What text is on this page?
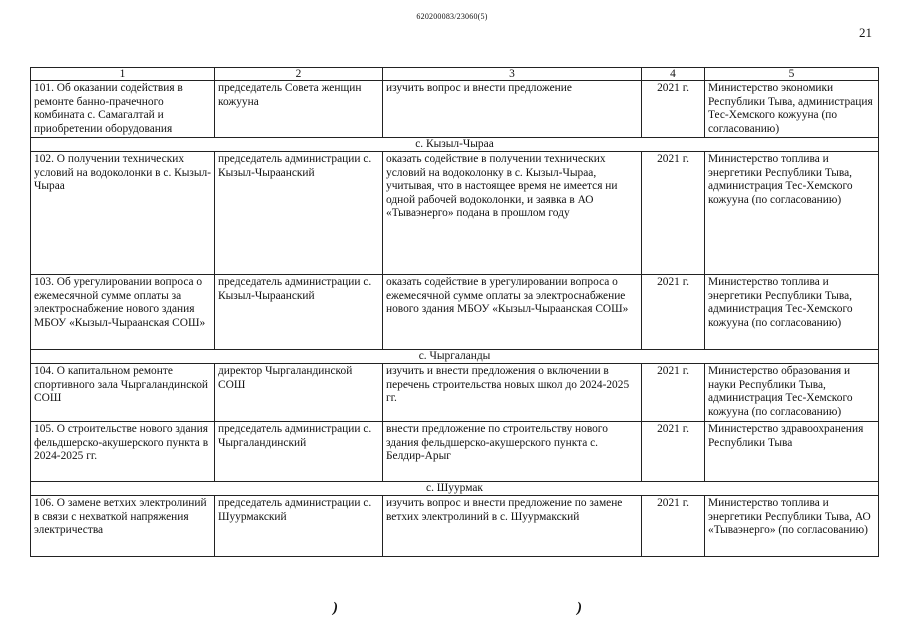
620200083/23060(5)
21
1	2	3	4	5
101. Об оказании содействия в ремонте банно-прачечного комбината с. Самагалтай и приобретении оборудования	председатель Совета женщин кожууна	изучить вопрос и внести предложение	2021 г.	Министерство экономики Республики Тыва, администрация Тес-Хемского кожууна (по согласованию)
с. Кызыл-Чыраа				
102. О получении технических условий на водоколонки в с. Кызыл-Чыраа	председатель администрации с. Кызыл-Чыраанский	оказать содействие в получении технических условий на водоколонку в с. Кызыл-Чыраа, учитывая, что в настоящее время не имеется ни одной рабочей водоколонки, и заявка в АО «Тываэнерго» подана в прошлом году	2021 г.	Министерство топлива и энергетики Республики Тыва, администрация Тес-Хемского кожууна (по согласованию)
103. Об урегулировании вопроса о ежемесячной сумме оплаты за электроснабжение нового здания МБОУ «Кызыл-Чыраанская СОШ»	председатель администрации с. Кызыл-Чыраанский	оказать содействие в урегулировании вопроса о ежемесячной сумме оплаты за электроснабжение нового здания МБОУ «Кызыл-Чыраанская СОШ»	2021 г.	Министерство топлива и энергетики Республики Тыва, администрация Тес-Хемского кожууна (по согласованию)
с. Чыргаланды				
104. О капитальном ремонте спортивного зала Чыргаландинской СОШ	директор Чыргаландинской СОШ	изучить и внести предложения о включении в перечень строительства новых школ до 2024-2025 гг.	2021 г.	Министерство образования и науки Республики Тыва, администрация Тес-Хемского кожууна (по согласованию)
105. О строительстве нового здания фельдшерско-акушерского пункта в 2024-2025 гг.	председатель администрации с. Чыргаландинский	внести предложение по строительству нового здания фельдшерско-акушерского пункта с. Белдир-Арыг	2021 г.	Министерство здравоохранения Республики Тыва
с. Шуурмак				
106. О замене ветхих электролиний в связи с нехваткой напряжения электричества	председатель администрации с. Шуурмакский	изучить вопрос и внести предложение по замене ветхих электролиний в с. Шуурмакский	2021 г.	Министерство топлива и энергетики Республики Тыва, АО «Тываэнерго» (по согласованию)
)	)
